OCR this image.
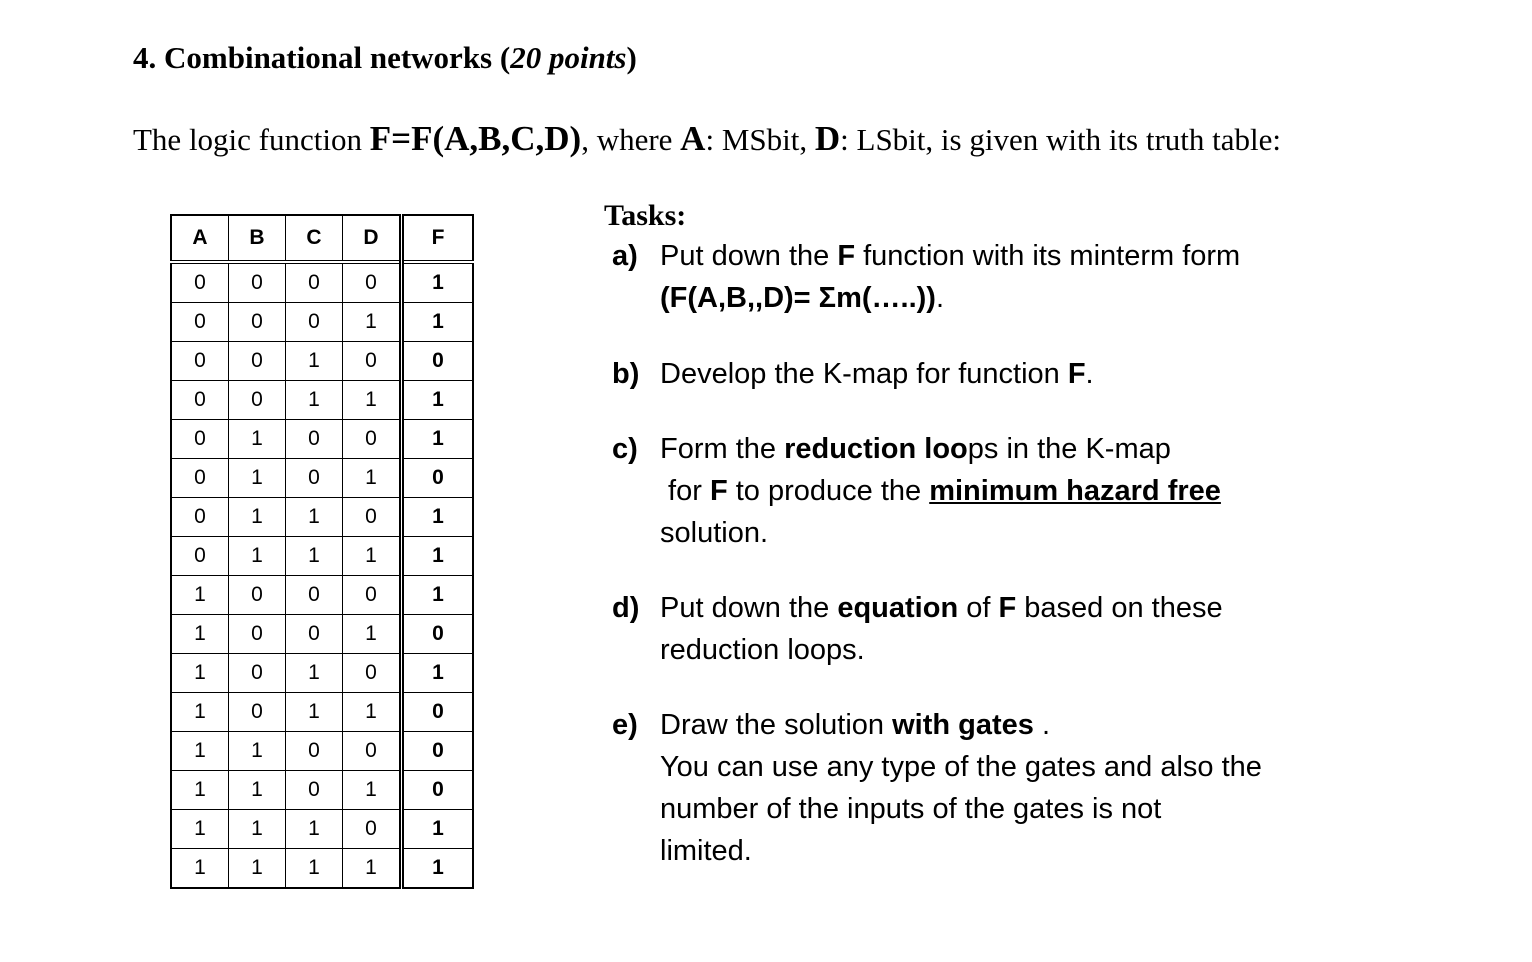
4. Combinational networks (20 points)
The logic function F=F(A,B,C,D), where A: MSbit, D: LSbit, is given with its truth table:
A	B	C	D	F
0	0	0	0	1
0	0	0	1	1
0	0	1	0	0
0	0	1	1	1
0	1	0	0	1
0	1	0	1	0
0	1	1	0	1
0	1	1	1	1
1	0	0	0	1
1	0	0	1	0
1	0	1	0	1
1	0	1	1	0
1	1	0	0	0
1	1	0	1	0
1	1	1	0	1
1	1	1	1	1
Tasks:
a) Put down the F function with its minterm form
(F(A,B,,D)= Σm(…..)).
b) Develop the K-map for function F.
c) Form the reduction loops in the K-map
for F to produce the minimum hazard free
solution.
d) Put down the equation of F based on these
reduction loops.
e) Draw the solution with gates .
You can use any type of the gates and also the
number of the inputs of the gates is not
limited.
